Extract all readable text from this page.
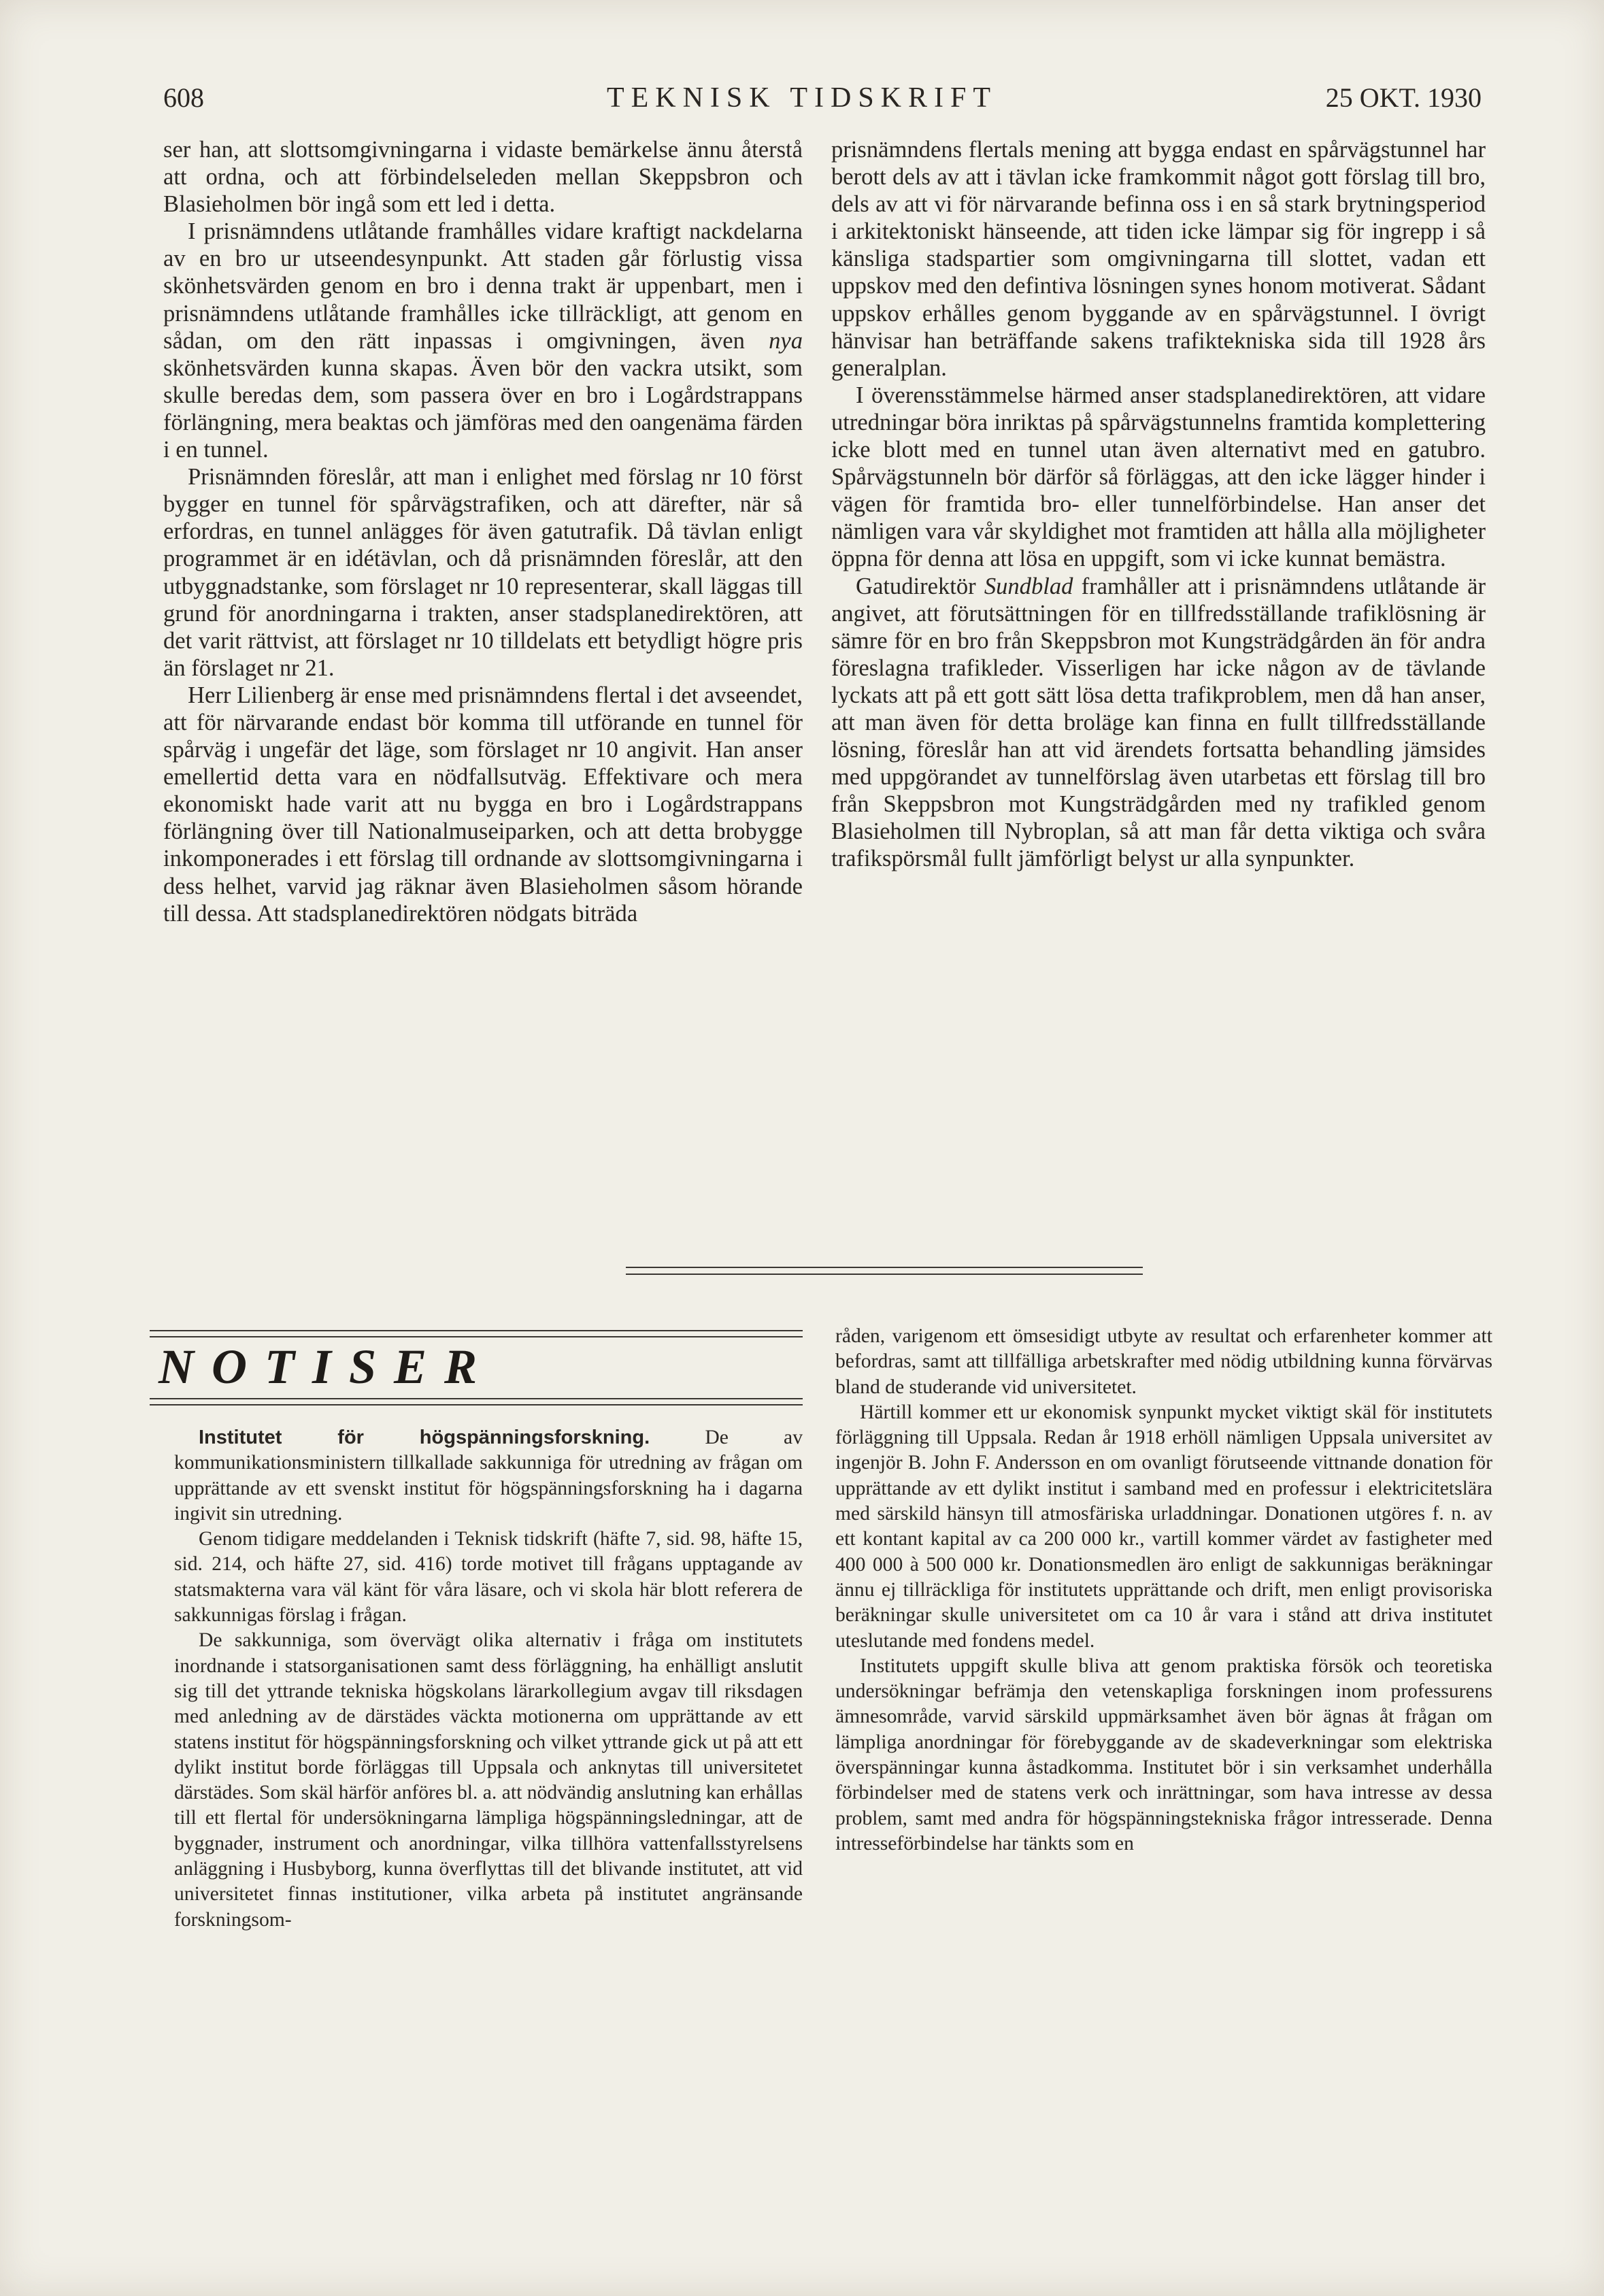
608	TEKNISK TIDSKRIFT	25 OKT. 1930

ser han, att slottsomgivningarna i vidaste bemärkelse ännu återstå att ordna, och att förbindelseleden mellan Skeppsbron och Blasieholmen bör ingå som ett led i detta.

I prisnämndens utlåtande framhålles vidare kraftigt nackdelarna av en bro ur utseendesynpunkt. Att staden går förlustig vissa skönhetsvärden genom en bro i denna trakt är uppenbart, men i prisnämndens utlåtande framhålles icke tillräckligt, att genom en sådan, om den rätt inpassas i omgivningen, även nya skönhetsvärden kunna skapas. Även bör den vackra utsikt, som skulle beredas dem, som passera över en bro i Logårdstrappans förlängning, mera beaktas och jämföras med den oangenäma färden i en tunnel.

Prisnämnden föreslår, att man i enlighet med förslag nr 10 först bygger en tunnel för spårvägstrafiken, och att därefter, när så erfordras, en tunnel anlägges för även gatutrafik. Då tävlan enligt programmet är en idétävlan, och då prisnämnden föreslår, att den utbyggnadstanke, som förslaget nr 10 representerar, skall läggas till grund för anordningarna i trakten, anser stadsplanedirektören, att det varit rättvist, att förslaget nr 10 tilldelats ett betydligt högre pris än förslaget nr 21.

Herr Lilienberg är ense med prisnämndens flertal i det avseendet, att för närvarande endast bör komma till utförande en tunnel för spårväg i ungefär det läge, som förslaget nr 10 angivit. Han anser emellertid detta vara en nödfallsutväg. Effektivare och mera ekonomiskt hade varit att nu bygga en bro i Logårdstrappans förlängning över till Nationalmuseiparken, och att detta brobygge inkomponerades i ett förslag till ordnande av slottsomgivningarna i dess helhet, varvid jag räknar även Blasieholmen såsom hörande till dessa. Att stadsplanedirektören nödgats biträda

prisnämndens flertals mening att bygga endast en spårvägstunnel har berott dels av att i tävlan icke framkommit något gott förslag till bro, dels av att vi för närvarande befinna oss i en så stark brytningsperiod i arkitektoniskt hänseende, att tiden icke lämpar sig för ingrepp i så känsliga stadspartier som omgivningarna till slottet, vadan ett uppskov med den defintiva lösningen synes honom motiverat. Sådant uppskov erhålles genom byggande av en spårvägstunnel. I övrigt hänvisar han beträffande sakens trafiktekniska sida till 1928 års generalplan.

I överensstämmelse härmed anser stadsplanedirektören, att vidare utredningar böra inriktas på spårvägstunnelns framtida komplettering icke blott med en tunnel utan även alternativt med en gatubro. Spårvägstunneln bör därför så förläggas, att den icke lägger hinder i vägen för framtida bro- eller tunnelförbindelse. Han anser det nämligen vara vår skyldighet mot framtiden att hålla alla möjligheter öppna för denna att lösa en uppgift, som vi icke kunnat bemästra.

Gatudirektör Sundblad framhåller att i prisnämndens utlåtande är angivet, att förutsättningen för en tillfredsställande trafiklösning är sämre för en bro från Skeppsbron mot Kungsträdgården än för andra föreslagna trafikleder. Visserligen har icke någon av de tävlande lyckats att på ett gott sätt lösa detta trafikproblem, men då han anser, att man även för detta broläge kan finna en fullt tillfredsställande lösning, föreslår han att vid ärendets fortsatta behandling jämsides med uppgörandet av tunnelförslag även utarbetas ett förslag till bro från Skeppsbron mot Kungsträdgården med ny trafikled genom Blasieholmen till Nybroplan, så att man får detta viktiga och svåra trafikspörsmål fullt jämförligt belyst ur alla synpunkter.

NOTISER

Institutet för högspänningsforskning.	De av kommunikationsministern tillkallade sakkunniga för utredning av frågan om upprättande av ett svenskt institut för högspänningsforskning ha i dagarna ingivit sin utredning.

Genom tidigare meddelanden i Teknisk tidskrift (häfte 7, sid. 98, häfte 15, sid. 214, och häfte 27, sid. 416) torde motivet till frågans upptagande av statsmakterna vara väl känt för våra läsare, och vi skola här blott referera de sakkunnigas förslag i frågan.

De sakkunniga, som övervägt olika alternativ i fråga om institutets inordnande i statsorganisationen samt dess förläggning, ha enhälligt anslutit sig till det yttrande tekniska högskolans lärarkollegium avgav till riksdagen med anledning av de därstädes väckta motionerna om upprättande av ett statens institut för högspänningsforskning och vilket yttrande gick ut på att ett dylikt institut borde förläggas till Uppsala och anknytas till universitetet därstädes. Som skäl härför anföres bl. a. att nödvändig anslutning kan erhållas till ett flertal för undersökningarna lämpliga högspänningsledningar, att de byggnader, instrument och anordningar, vilka tillhöra vattenfallsstyrelsens anläggning i Husbyborg, kunna överflyttas till det blivande institutet, att vid universitetet finnas institutioner, vilka arbeta på institutet angränsande forskningsom-

råden, varigenom ett ömsesidigt utbyte av resultat och erfarenheter kommer att befordras, samt att tillfälliga arbetskrafter med nödig utbildning kunna förvärvas bland de studerande vid universitetet.

Härtill kommer ett ur ekonomisk synpunkt mycket viktigt skäl för institutets förläggning till Uppsala. Redan år 1918 erhöll nämligen Uppsala universitet av ingenjör B. John F. Andersson en om ovanligt förutseende vittnande donation för upprättande av ett dylikt institut i samband med en professur i elektricitetslära med särskild hänsyn till atmosfäriska urladdningar. Donationen utgöres f. n. av ett kontant kapital av ca 200 000 kr., vartill kommer värdet av fastigheter med 400 000 à 500 000 kr. Donationsmedlen äro enligt de sakkunnigas beräkningar ännu ej tillräckliga för institutets upprättande och drift, men enligt provisoriska beräkningar skulle universitetet om ca 10 år vara i stånd att driva institutet uteslutande med fondens medel.

Institutets uppgift skulle bliva att genom praktiska försök och teoretiska undersökningar befrämja den vetenskapliga forskningen inom professurens ämnesområde, varvid särskild uppmärksamhet även bör ägnas åt frågan om lämpliga anordningar för förebyggande av de skadeverkningar som elektriska överspänningar kunna åstadkomma. Institutet bör i sin verksamhet underhålla förbindelser med de statens verk och inrättningar, som hava intresse av dessa problem, samt med andra för högspänningstekniska frågor intresserade. Denna intresseförbindelse har tänkts som en
